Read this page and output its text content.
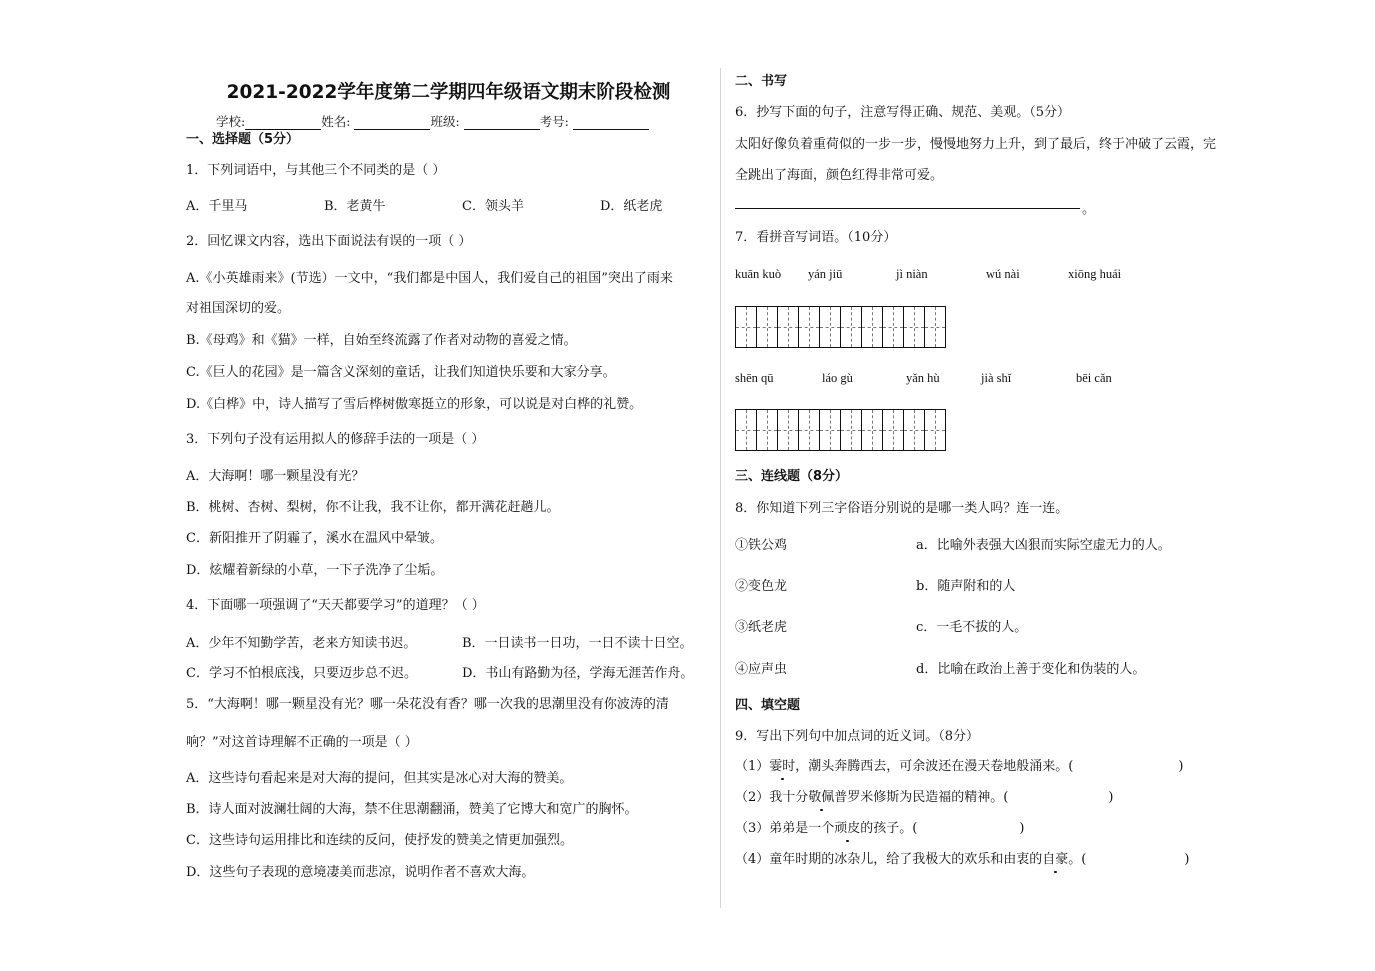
2021-2022学年度第二学期四年级语文期末阶段检测
学校:	姓名:	班级:	考号:
一、选择题（5分）
1．下列词语中，与其他三个不同类的是（ ）
A．千里马	B．老黄牛	C．领头羊	D．纸老虎
2．回忆课文内容，选出下面说法有误的一项（ ）
A.《小英雄雨来》(节选）一文中，“我们都是中国人，我们爱自己的祖国”突出了雨来
对祖国深切的爱。
B.《母鸡》和《猫》一样，自始至终流露了作者对动物的喜爱之情。
C.《巨人的花园》是一篇含义深刻的童话，让我们知道快乐要和大家分享。
D.《白桦》中，诗人描写了雪后桦树傲寒挺立的形象，可以说是对白桦的礼赞。
3．下列句子没有运用拟人的修辞手法的一项是（ ）
A．大海啊！哪一颗星没有光？
B．桃树、杏树、梨树，你不让我，我不让你，都开满花赶趟儿。
C．新阳推开了阴霾了，溪水在温风中晕皱。
D．炫耀着新绿的小草，一下子洗净了尘垢。
4．下面哪一项强调了“天天都要学习”的道理？（ ）
A．少年不知勤学苦，老来方知读书迟。	B．一日读书一日功，一日不读十日空。
C．学习不怕根底浅，只要迈步总不迟。	D．书山有路勤为径，学海无涯苦作舟。
5．“大海啊！哪一颗星没有光？哪一朵花没有香？哪一次我的思潮里没有你波涛的清
响？”对这首诗理解不正确的一项是（ ）
A．这些诗句看起来是对大海的提问，但其实是冰心对大海的赞美。
B．诗人面对波澜壮阔的大海，禁不住思潮翻涌，赞美了它博大和宽广的胸怀。
C．这些诗句运用排比和连续的反问，使抒发的赞美之情更加强烈。
D．这些句子表现的意境凄美而悲凉，说明作者不喜欢大海。
二、书写
6．抄写下面的句子，注意写得正确、规范、美观。（5分）
太阳好像负着重荷似的一步一步，慢慢地努力上升，到了最后，终于冲破了云霞，完
全跳出了海面，颜色红得非常可爱。
。
7．看拼音写词语。（10分）
kuān kuò yán jiū	jì niàn	wú nài	xiōng huái
shēn qū	láo gù	yǎn hù	jià shǐ	bēi cǎn
三、连线题（8分）
8．你知道下列三字俗语分别说的是哪一类人吗？连一连。
①铁公鸡	a．比喻外表强大凶狠而实际空虚无力的人。
②变色龙	b．随声附和的人
③纸老虎	c．一毛不拔的人。
④应声虫	d．比喻在政治上善于变化和伪装的人。
四、填空题
9．写出下列句中加点词的近义词。（8分）
（1）霎时，潮头奔腾西去，可余波还在漫天卷地般涌来。(	)
（2）我十分敬佩普罗米修斯为民造福的精神。(	)
（3）弟弟是一个顽皮的孩子。(	)
（4）童年时期的冰杂儿，给了我极大的欢乐和由衷的自豪。(	)
